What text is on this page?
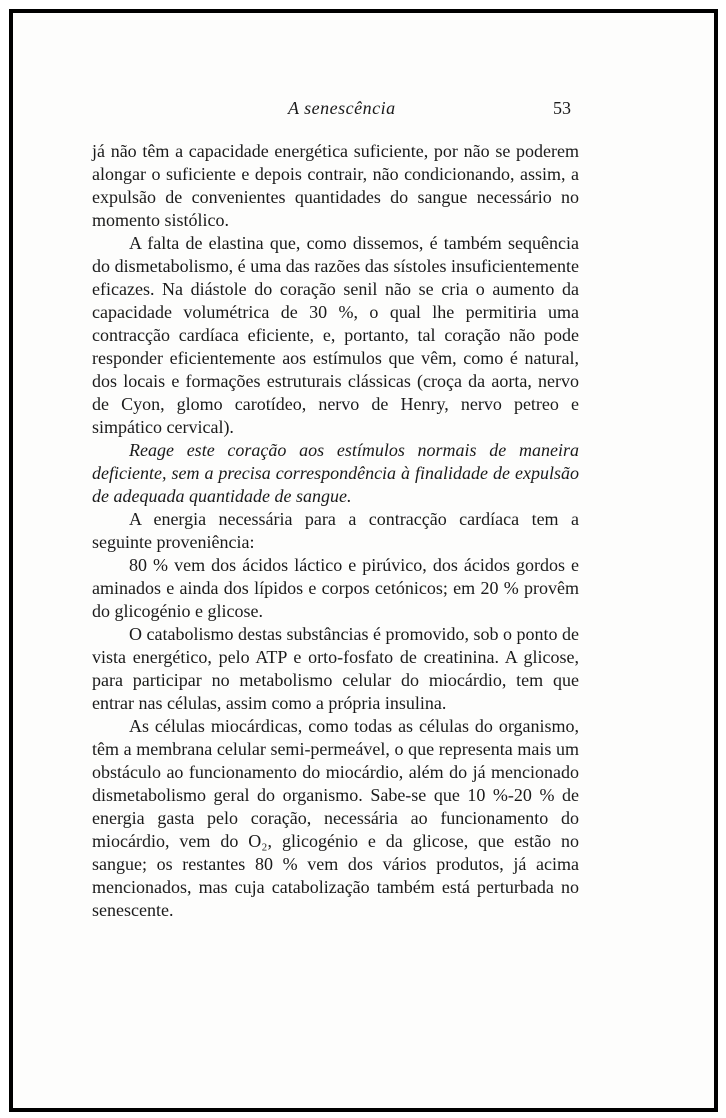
A senescência	53

já não têm a capacidade energética suficiente, por não se poderem alongar o suficiente e depois contrair, não condicionando, assim, a expulsão de convenientes quantidades do sangue necessário no momento sistólico.

A falta de elastina que, como dissemos, é também sequência do dismetabolismo, é uma das razões das sístoles insuficientemente eficazes. Na diástole do coração senil não se cria o aumento da capacidade volumétrica de 30 %, o qual lhe permitiria uma contracção cardíaca eficiente, e, portanto, tal coração não pode responder eficientemente aos estímulos que vêm, como é natural, dos locais e formações estruturais clássicas (croça da aorta, nervo de Cyon, glomo carotídeo, nervo de Henry, nervo petreo e simpático cervical).

Reage este coração aos estímulos normais de maneira deficiente, sem a precisa correspondência à finalidade de expulsão de adequada quantidade de sangue.

A energia necessária para a contracção cardíaca tem a seguinte proveniência:

80 % vem dos ácidos láctico e pirúvico, dos ácidos gordos e aminados e ainda dos lípidos e corpos cetónicos; em 20 % provêm do glicogénio e glicose.

O catabolismo destas substâncias é promovido, sob o ponto de vista energético, pelo ATP e orto-fosfato de creatinina. A glicose, para participar no metabolismo celular do miocárdio, tem que entrar nas células, assim como a própria insulina.

As células miocárdicas, como todas as células do organismo, têm a membrana celular semi-permeável, o que representa mais um obstáculo ao funcionamento do miocárdio, além do já mencionado dismetabolismo geral do organismo. Sabe-se que 10 %-20 % de energia gasta pelo coração, necessária ao funcionamento do miocárdio, vem do O₂, glicogénio e da glicose, que estão no sangue; os restantes 80 % vem dos vários produtos, já acima mencionados, mas cuja catabolização também está perturbada no senescente.
